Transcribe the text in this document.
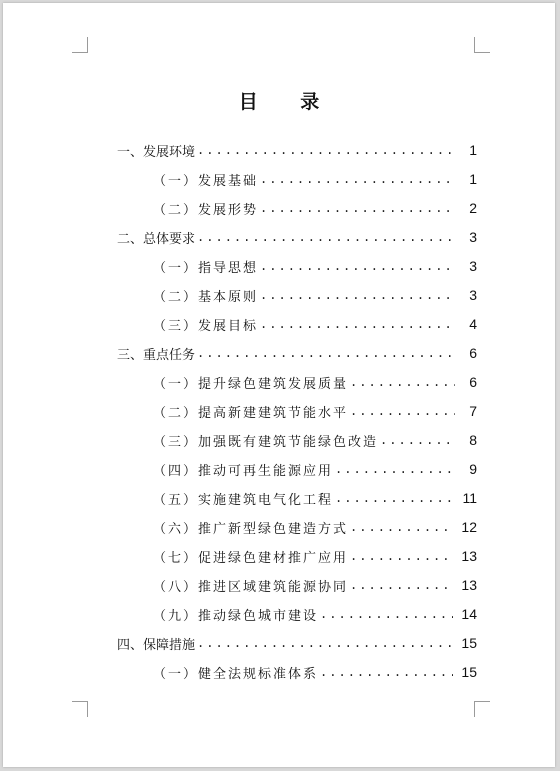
目 录
一、发展环境 .....	1
（一）发展基础 .....	1
（二）发展形势 .....	2
二、总体要求 .....	3
（一）指导思想 .....	3
（二）基本原则 .....	3
（三）发展目标 .....	4
三、重点任务 .....	6
（一）提升绿色建筑发展质量 .....	6
（二）提高新建建筑节能水平 .....	7
（三）加强既有建筑节能绿色改造 .....	8
（四）推动可再生能源应用 .....	9
（五）实施建筑电气化工程 .....	11
（六）推广新型绿色建造方式 .....	12
（七）促进绿色建材推广应用 .....	13
（八）推进区域建筑能源协同 .....	13
（九）推动绿色城市建设 .....	14
四、保障措施 .....	15
（一）健全法规标准体系 .....	15
